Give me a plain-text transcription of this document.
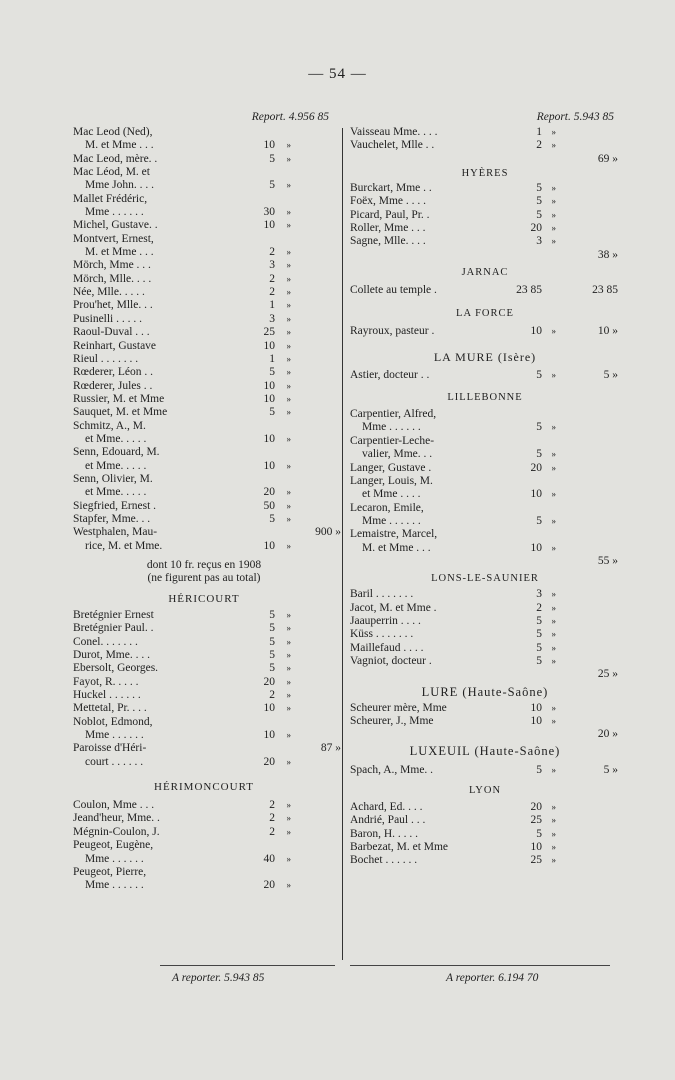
— 54 —
Report. 4.956 85
Mac Leod (Ned),
M. et Mme . . .	10 »
Mac Leod, mère. .	5 »
Mac Léod, M. et
Mme John. . . .	5 »
Mallet Frédéric,
Mme . . . . . .	30 »
Michel, Gustave. .	10 »
Montvert, Ernest,
M. et Mme . . .	2 »
Mörch, Mme . . .	3 »
Mörch, Mlle. . . .	2 »
Née, Mlle. . . . .	2 »
Prou'het, Mlle. . .	1 »
Pusinelli . . . . .	3 »
Raoul-Duval . . .	25 »
Reinhart, Gustave	10 »
Rieul . . . . . . .	1 »
Rœderer, Léon . .	5 »
Rœderer, Jules . .	10 »
Russier, M. et Mme	10 »
Sauquet, M. et Mme	5 »
Schmitz, A., M.
et Mme. . . . .	10 »
Senn, Edouard, M.
et Mme. . . . .	10 »
Senn, Olivier, M.
et Mme. . . . .	20 »
Siegfried, Ernest .	50 »
Stapfer, Mme. . .	5 »
Westphalen, Mau-
rice, M. et Mme.	10 »
900 »
dont 10 fr. reçus en 1908
(ne figurent pas au total)
HÉRICOURT
Bretégnier Ernest	5 »
Bretégnier Paul. .	5 »
Conel. . . . . . .	5 »
Durot, Mme. . . .	5 »
Ebersolt, Georges.	5 »
Fayot, R. . . . .	20 »
Huckel . . . . . .	2 »
Mettetal, Pr. . . .	10 »
Noblot, Edmond,
Mme . . . . . .	10 »
Paroisse d'Héri-
court . . . . . .	20 »
87 »
HÉRIMONCOURT
Coulon, Mme . . .	2 »
Jeand'heur, Mme. .	2 »
Mégnin-Coulon, J.	2 »
Peugeot, Eugène,
Mme . . . . . .	40 »
Peugeot, Pierre,
Mme . . . . . .	20 »
Report. 5.943 85
Vaisseau Mme. . . .	1 »
Vauchelet, Mlle . .	2 »
69 »
HYÈRES
Burckart, Mme . .	5 »
Foëx, Mme . . . .	5 »
Picard, Paul, Pr. .	5 »
Roller, Mme . . .	20 »
Sagne, Mlle. . . .	3 »
38 »
JARNAC
Collete au temple .	23 85	23 85
LA FORCE
Rayroux, pasteur .	10 »	10 »
LA MURE (Isère)
Astier, docteur . .	5 »	5 »
LILLEBONNE
Carpentier, Alfred,
Mme . . . . . .	5 »
Carpentier-Leche-
valier, Mme. . .	5 »
Langer, Gustave .	20 »
Langer, Louis, M.
et Mme . . . .	10 »
Lecaron, Emile,
Mme . . . . . .	5 »
Lemaistre, Marcel,
M. et Mme . . .	10 »
55 »
LONS-LE-SAUNIER
Baril . . . . . . .	3 »
Jacot, M. et Mme .	2 »
Jaauperrin . . . .	5 »
Küss . . . . . . .	5 »
Maillefaud . . . .	5 »
Vagniot, docteur .	5 »
25 »
LURE (Haute-Saône)
Scheurer mère, Mme	10 »
Scheurer, J., Mme	10 »
20 »
LUXEUIL (Haute-Saône)
Spach, A., Mme. .	5 »	5 »
LYON
Achard, Ed. . . .	20 »
Andrié, Paul . . .	25 »
Baron, H. . . . .	5 »
Barbezat, M. et Mme	10 »
Bochet . . . . . .	25 »
A reporter. 5.943 85	A reporter. 6.194 70
